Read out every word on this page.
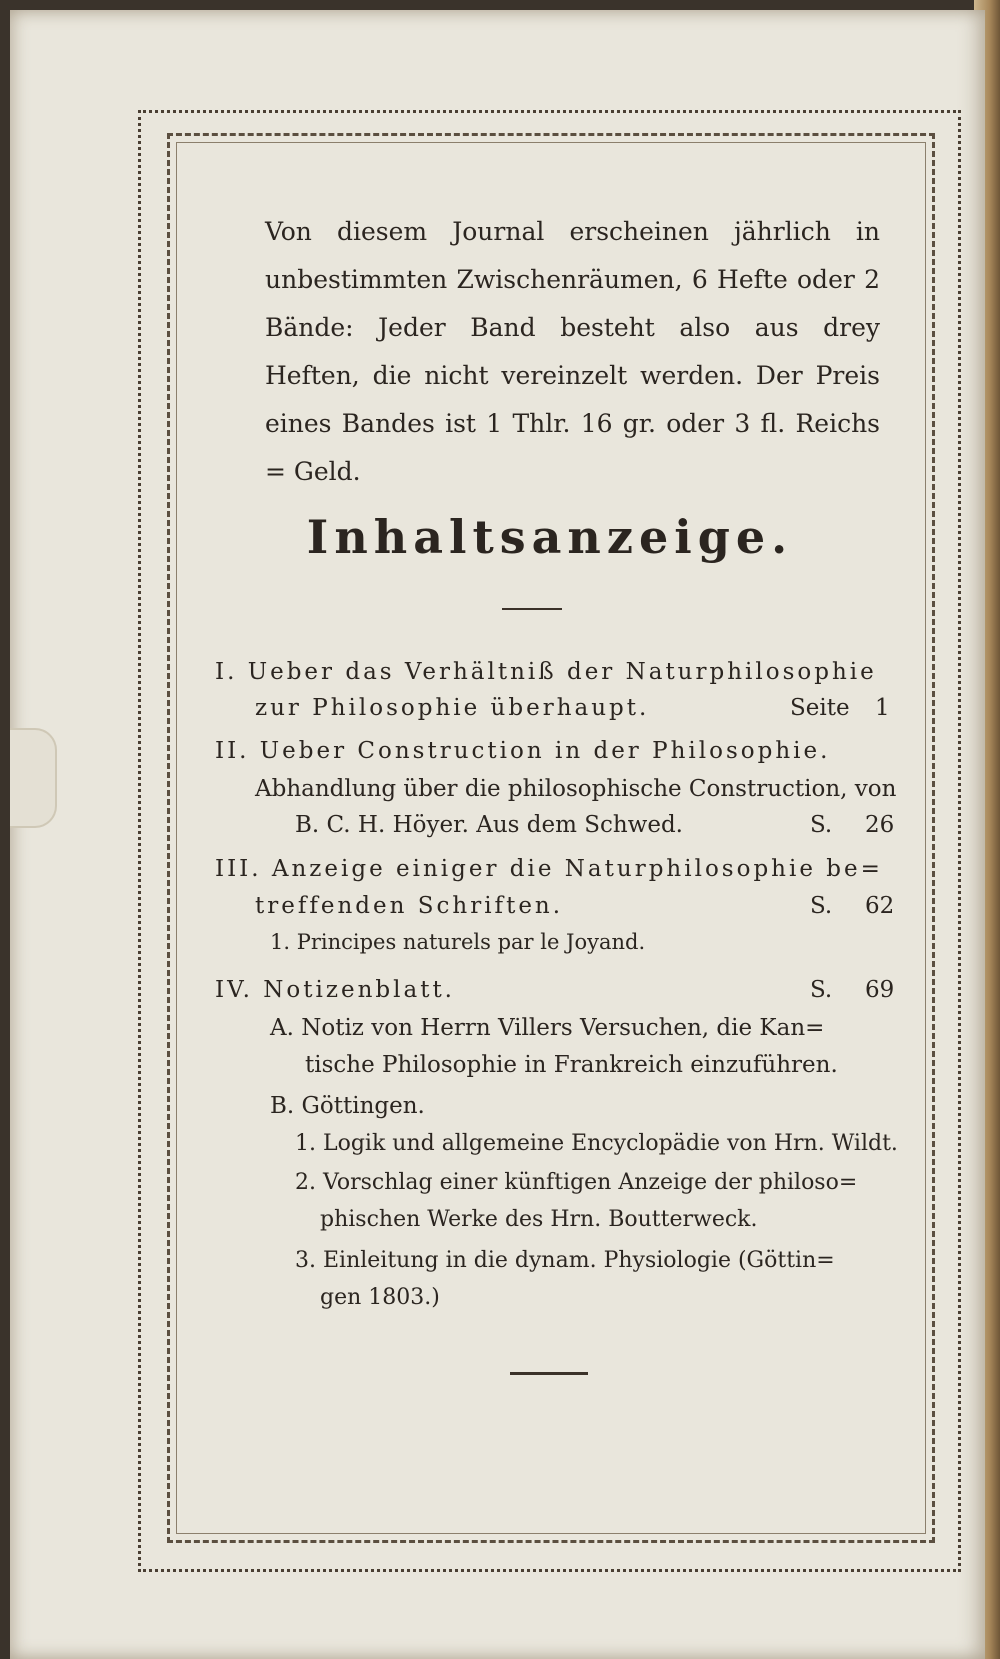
Von diesem Journal erscheinen jährlich in unbestimmten Zwischenräumen, 6 Hefte oder 2 Bände: Jeder Band besteht also aus drey Heften, die nicht vereinzelt werden. Der Preis eines Bandes ist 1 Thlr. 16 gr. oder 3 fl. Reichs = Geld.
Inhaltsanzeige.
I. Ueber das Verhältniß der Naturphilosophie
zur Philosophie überhaupt.	Seite 1
II. Ueber Construction in der Philosophie.
Abhandlung über die philosophische Construction, von
B. C. H. Höyer. Aus dem Schwed.	S. 26
III. Anzeige einiger die Naturphilosophie be=
treffenden Schriften.	S. 62
1. Principes naturels par le Joyand.
IV. Notizenblatt.	S. 69
A. Notiz von Herrn Villers Versuchen, die Kan=
tische Philosophie in Frankreich einzuführen.
B. Göttingen.
1. Logik und allgemeine Encyclopädie von Hrn. Wildt.
2. Vorschlag einer künftigen Anzeige der philoso=
phischen Werke des Hrn. Boutterweck.
3. Einleitung in die dynam. Physiologie (Göttin=
gen 1803.)
